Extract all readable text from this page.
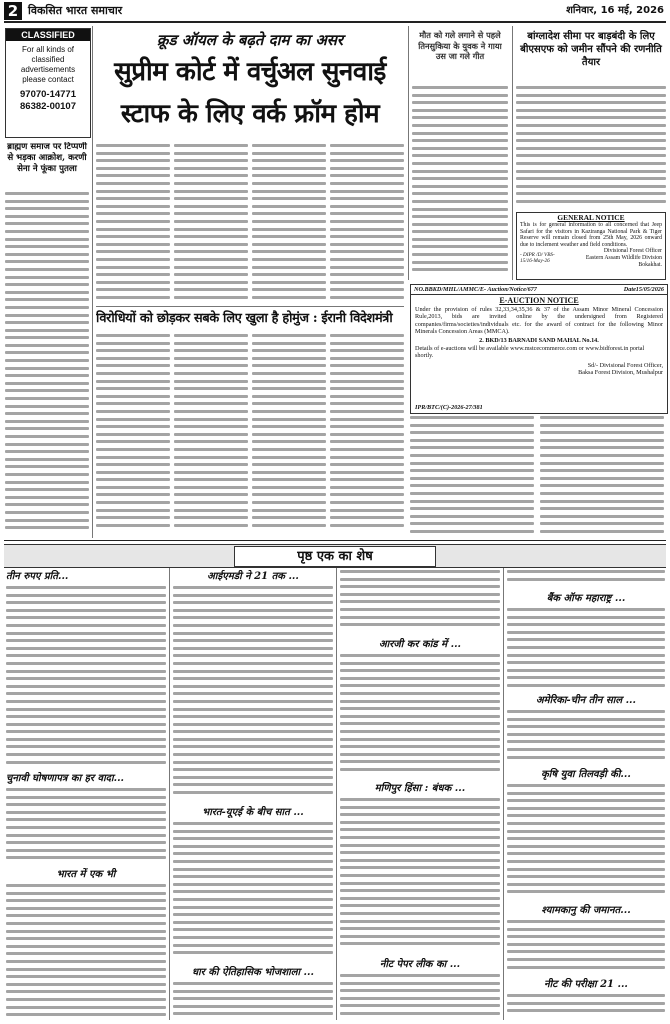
2 विकसित भारत समाचार	शनिवार, 16 मई, 2026
CLASSIFIED
For all kinds of
classified
advertisements
please contact
97070-14771
86382-00107
ब्राह्मण समाज पर टिप्पणी से भड़का आक्रोश, करणी सेना ने फूंका पुतला
क्रूड ऑयल के बढ़ते दाम का असर
सुप्रीम कोर्ट में वर्चुअल सुनवाई
स्टाफ के लिए वर्क फ्रॉम होम
विरोधियों को छोड़कर सबके लिए खुला है होमुंज : ईरानी विदेशमंत्री
मौत को गले लगाने से पहले तिनसुकिया के युवक ने गाया उस जा गले गीत
बांग्लादेश सीमा पर बाड़बंदी के लिए बीएसएफ को जमीन सौंपने की रणनीति तैयार
GENERAL NOTICE
This is for general information to all concerned that Jeep Safari for the visitors in Kaziranga National Park & Tiger Reserve will remain closed from 25th May, 2026 onward due to inclement weather and field conditions.
- DIPR /D/ VBS-15/16-May-26
Divisional Forest Officer
Eastern Assam Wildlife Division
Bokakhat.
NO.BBKD/MHL/AMMC/E- Auction/Notice/677	Date15/05/2026
E-AUCTION NOTICE
Under the provision of rules 32,33,34,35,36 & 37 of the Assam Minor Mineral Concession Rule,2013, bids are invited online by the undersigned from Registered companies/firms/societies/individuals etc. for the award of contract for the following Minor Minerals Concession Areas (MMCA).
2. BKD/13 BARNADI SAND MAHAL No.14.
Details of e-auctions will be available www.mstcecommerce.com or www.bidforest.in portal shortly.
Sd/- Divisional Forest Officer,
Baksa Forest Division, Mushalpur
IPR/BTC/(C)-2026-27/381
पृष्ठ एक का शेष
तीन रुपए प्रति...
चुनावी घोषणापत्र का हर वादा...
भारत में एक भी
आईएमडी ने 21 तक ...
भारत-यूएई के बीच सात ...
धार की ऐतिहासिक भोजशाला ...
आरजी कर कांड में ...
मणिपुर हिंसा : बंधक ...
नीट पेपर लीक का ...
बैंक ऑफ महाराष्ट्र ...
अमेरिका-चीन तीन साल ...
कृषि युवा तिलवड़ी की...
श्यामकानु की जमानत...
नीट की परीक्षा 21 ...
